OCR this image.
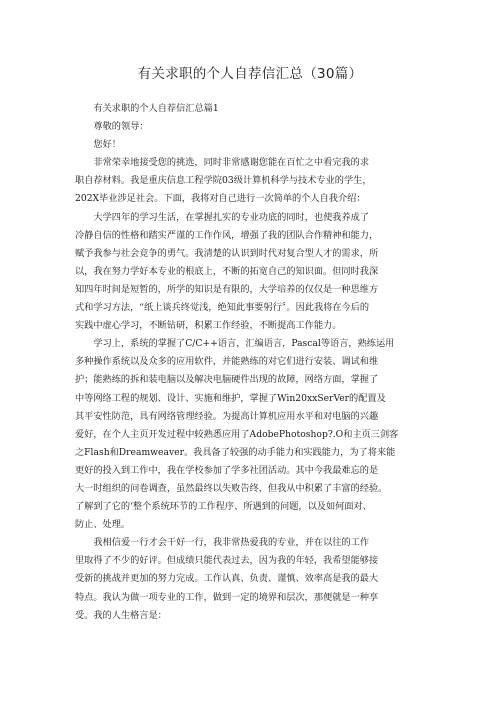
有关求职的个人自荐信汇总（30篇）

有关求职的个人自荐信汇总篇1

尊敬的领导：

您好！

非常荣幸地接受您的挑选，同时非常感谢您能在百忙之中看完我的求

职自荐材料。我是重庆信息工程学院03级计算机科学与技术专业的学生，

202X毕业涉足社会。下面，我将对自己进行一次简单的个人自我介绍：

大学四年的学习生活，在掌握扎实的专业功底的同时，也使我养成了

冷静自信的性格和踏实严谨的工作作风，增强了我的团队合作精神和能力，

赋予我参与社会竞争的勇气。我清楚的认识到时代对复合型人才的需求，所

以，我在努力学好本专业的根底上，不断的拓宽自己的知识面。但同时我深

知四年时间是短暂的，所学的知识是有限的，大学培养的仅仅是一种思维方

式和学习方法，“纸上谈兵终觉浅，绝知此事要躬行〞。因此我将在今后的

实践中虚心学习，不断钻研，积累工作经验，不断提高工作能力。

学习上，系统的掌握了C/C++语言，汇编语言，Pascal等语言，熟练运用

多种操作系统以及众多的应用软件，并能熟练的对它们进行安装、调试和维

护；能熟练的拆和装电脑以及解决电脑硬件出现的故障，网络方面，掌握了

中等网络工程的规划、设计、实施和维护，掌握了Win20xxSerVer的配置及

其平安性防范，具有网络管理经验。为提高计算机应用水平和对电脑的兴趣

爱好，在个人主页开发过程中较熟悉应用了AdobePhotoshop?.O和主页三剑客

之Flash和Dreamweaver。我具备了较强的动手能力和实践能力，为了将来能

更好的投入到工作中，我在学校参加了学多社团活动。其中今我最难忘的是

大一时组织的问卷调查，虽然最终以失败告终，但我从中积累了丰富的经验。

了解到了它的‘整个系统环节的工作程序、所遇到的问题，以及如何面对、

防止、处理。

我相信爱一行才会干好一行，我非常热爱我的专业，并在以往的工作

里取得了不少的好评。但成绩只能代表过去，因为我的年轻，我希望能够接

受新的挑战并更加的努力完成。工作认真、负责、谨慎、效率高是我的最大

特点。我认为做一项专业的工作，做到一定的境界和层次，那便就是一种享

受。我的人生格言是：
